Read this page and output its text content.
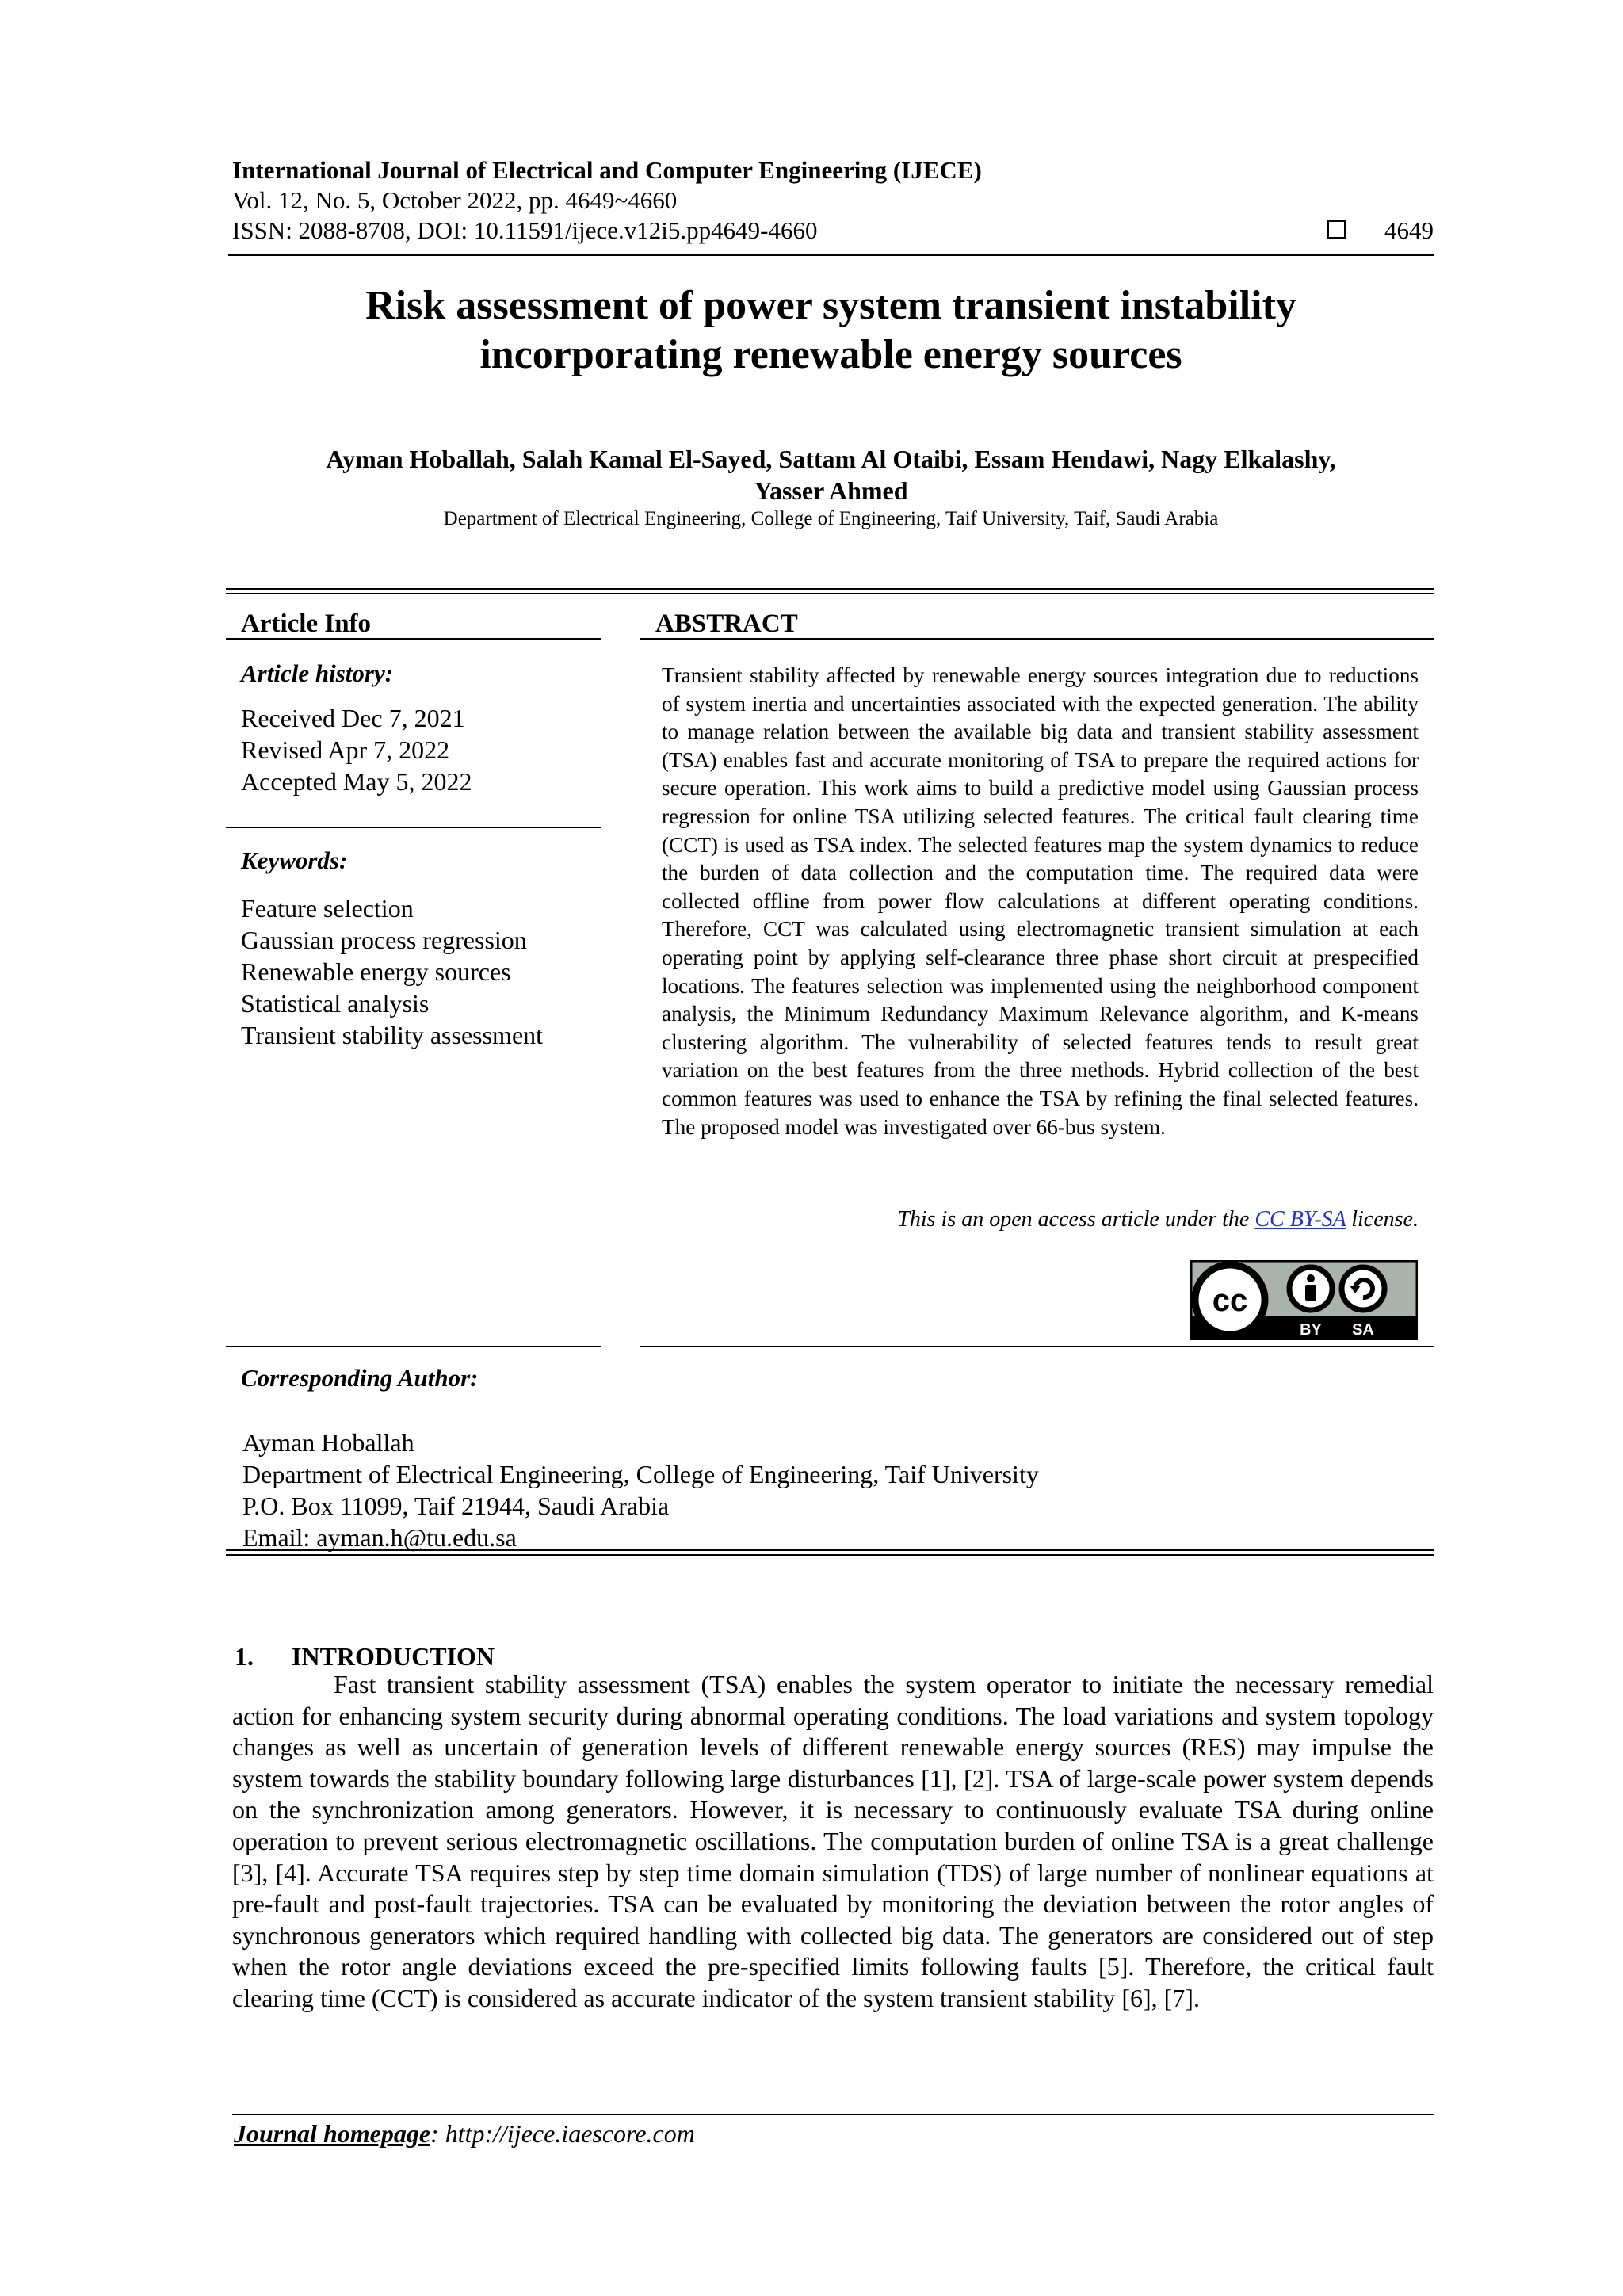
International Journal of Electrical and Computer Engineering (IJECE)
Vol. 12, No. 5, October 2022, pp. 4649~4660
ISSN: 2088-8708, DOI: 10.11591/ijece.v12i5.pp4649-4660	4649
Risk assessment of power system transient instability
incorporating renewable energy sources
Ayman Hoballah, Salah Kamal El-Sayed, Sattam Al Otaibi, Essam Hendawi, Nagy Elkalashy,
Yasser Ahmed
Department of Electrical Engineering, College of Engineering, Taif University, Taif, Saudi Arabia
Article Info
Article history:
Received Dec 7, 2021
Revised Apr 7, 2022
Accepted May 5, 2022
Keywords:
Feature selection
Gaussian process regression
Renewable energy sources
Statistical analysis
Transient stability assessment
ABSTRACT
Transient stability affected by renewable energy sources integration due to reductions of system inertia and uncertainties associated with the expected generation. The ability to manage relation between the available big data and transient stability assessment (TSA) enables fast and accurate monitoring of TSA to prepare the required actions for secure operation. This work aims to build a predictive model using Gaussian process regression for online TSA utilizing selected features. The critical fault clearing time (CCT) is used as TSA index. The selected features map the system dynamics to reduce the burden of data collection and the computation time. The required data were collected offline from power flow calculations at different operating conditions. Therefore, CCT was calculated using electromagnetic transient simulation at each operating point by applying self-clearance three phase short circuit at prespecified locations. The features selection was implemented using the neighborhood component analysis, the Minimum Redundancy Maximum Relevance algorithm, and K-means clustering algorithm. The vulnerability of selected features tends to result great variation on the best features from the three methods. Hybrid collection of the best common features was used to enhance the TSA by refining the final selected features. The proposed model was investigated over 66-bus system.
This is an open access article under the CC BY-SA license.
cc
BY SA
Corresponding Author:
Ayman Hoballah
Department of Electrical Engineering, College of Engineering, Taif University
P.O. Box 11099, Taif 21944, Saudi Arabia
Email: ayman.h@tu.edu.sa
1. INTRODUCTION
Fast transient stability assessment (TSA) enables the system operator to initiate the necessary remedial action for enhancing system security during abnormal operating conditions. The load variations and system topology changes as well as uncertain of generation levels of different renewable energy sources (RES) may impulse the system towards the stability boundary following large disturbances [1], [2]. TSA of large-scale power system depends on the synchronization among generators. However, it is necessary to continuously evaluate TSA during online operation to prevent serious electromagnetic oscillations. The computation burden of online TSA is a great challenge [3], [4]. Accurate TSA requires step by step time domain simulation (TDS) of large number of nonlinear equations at pre-fault and post-fault trajectories. TSA can be evaluated by monitoring the deviation between the rotor angles of synchronous generators which required handling with collected big data. The generators are considered out of step when the rotor angle deviations exceed the pre-specified limits following faults [5]. Therefore, the critical fault clearing time (CCT) is considered as accurate indicator of the system transient stability [6], [7].
Journal homepage: http://ijece.iaescore.com
